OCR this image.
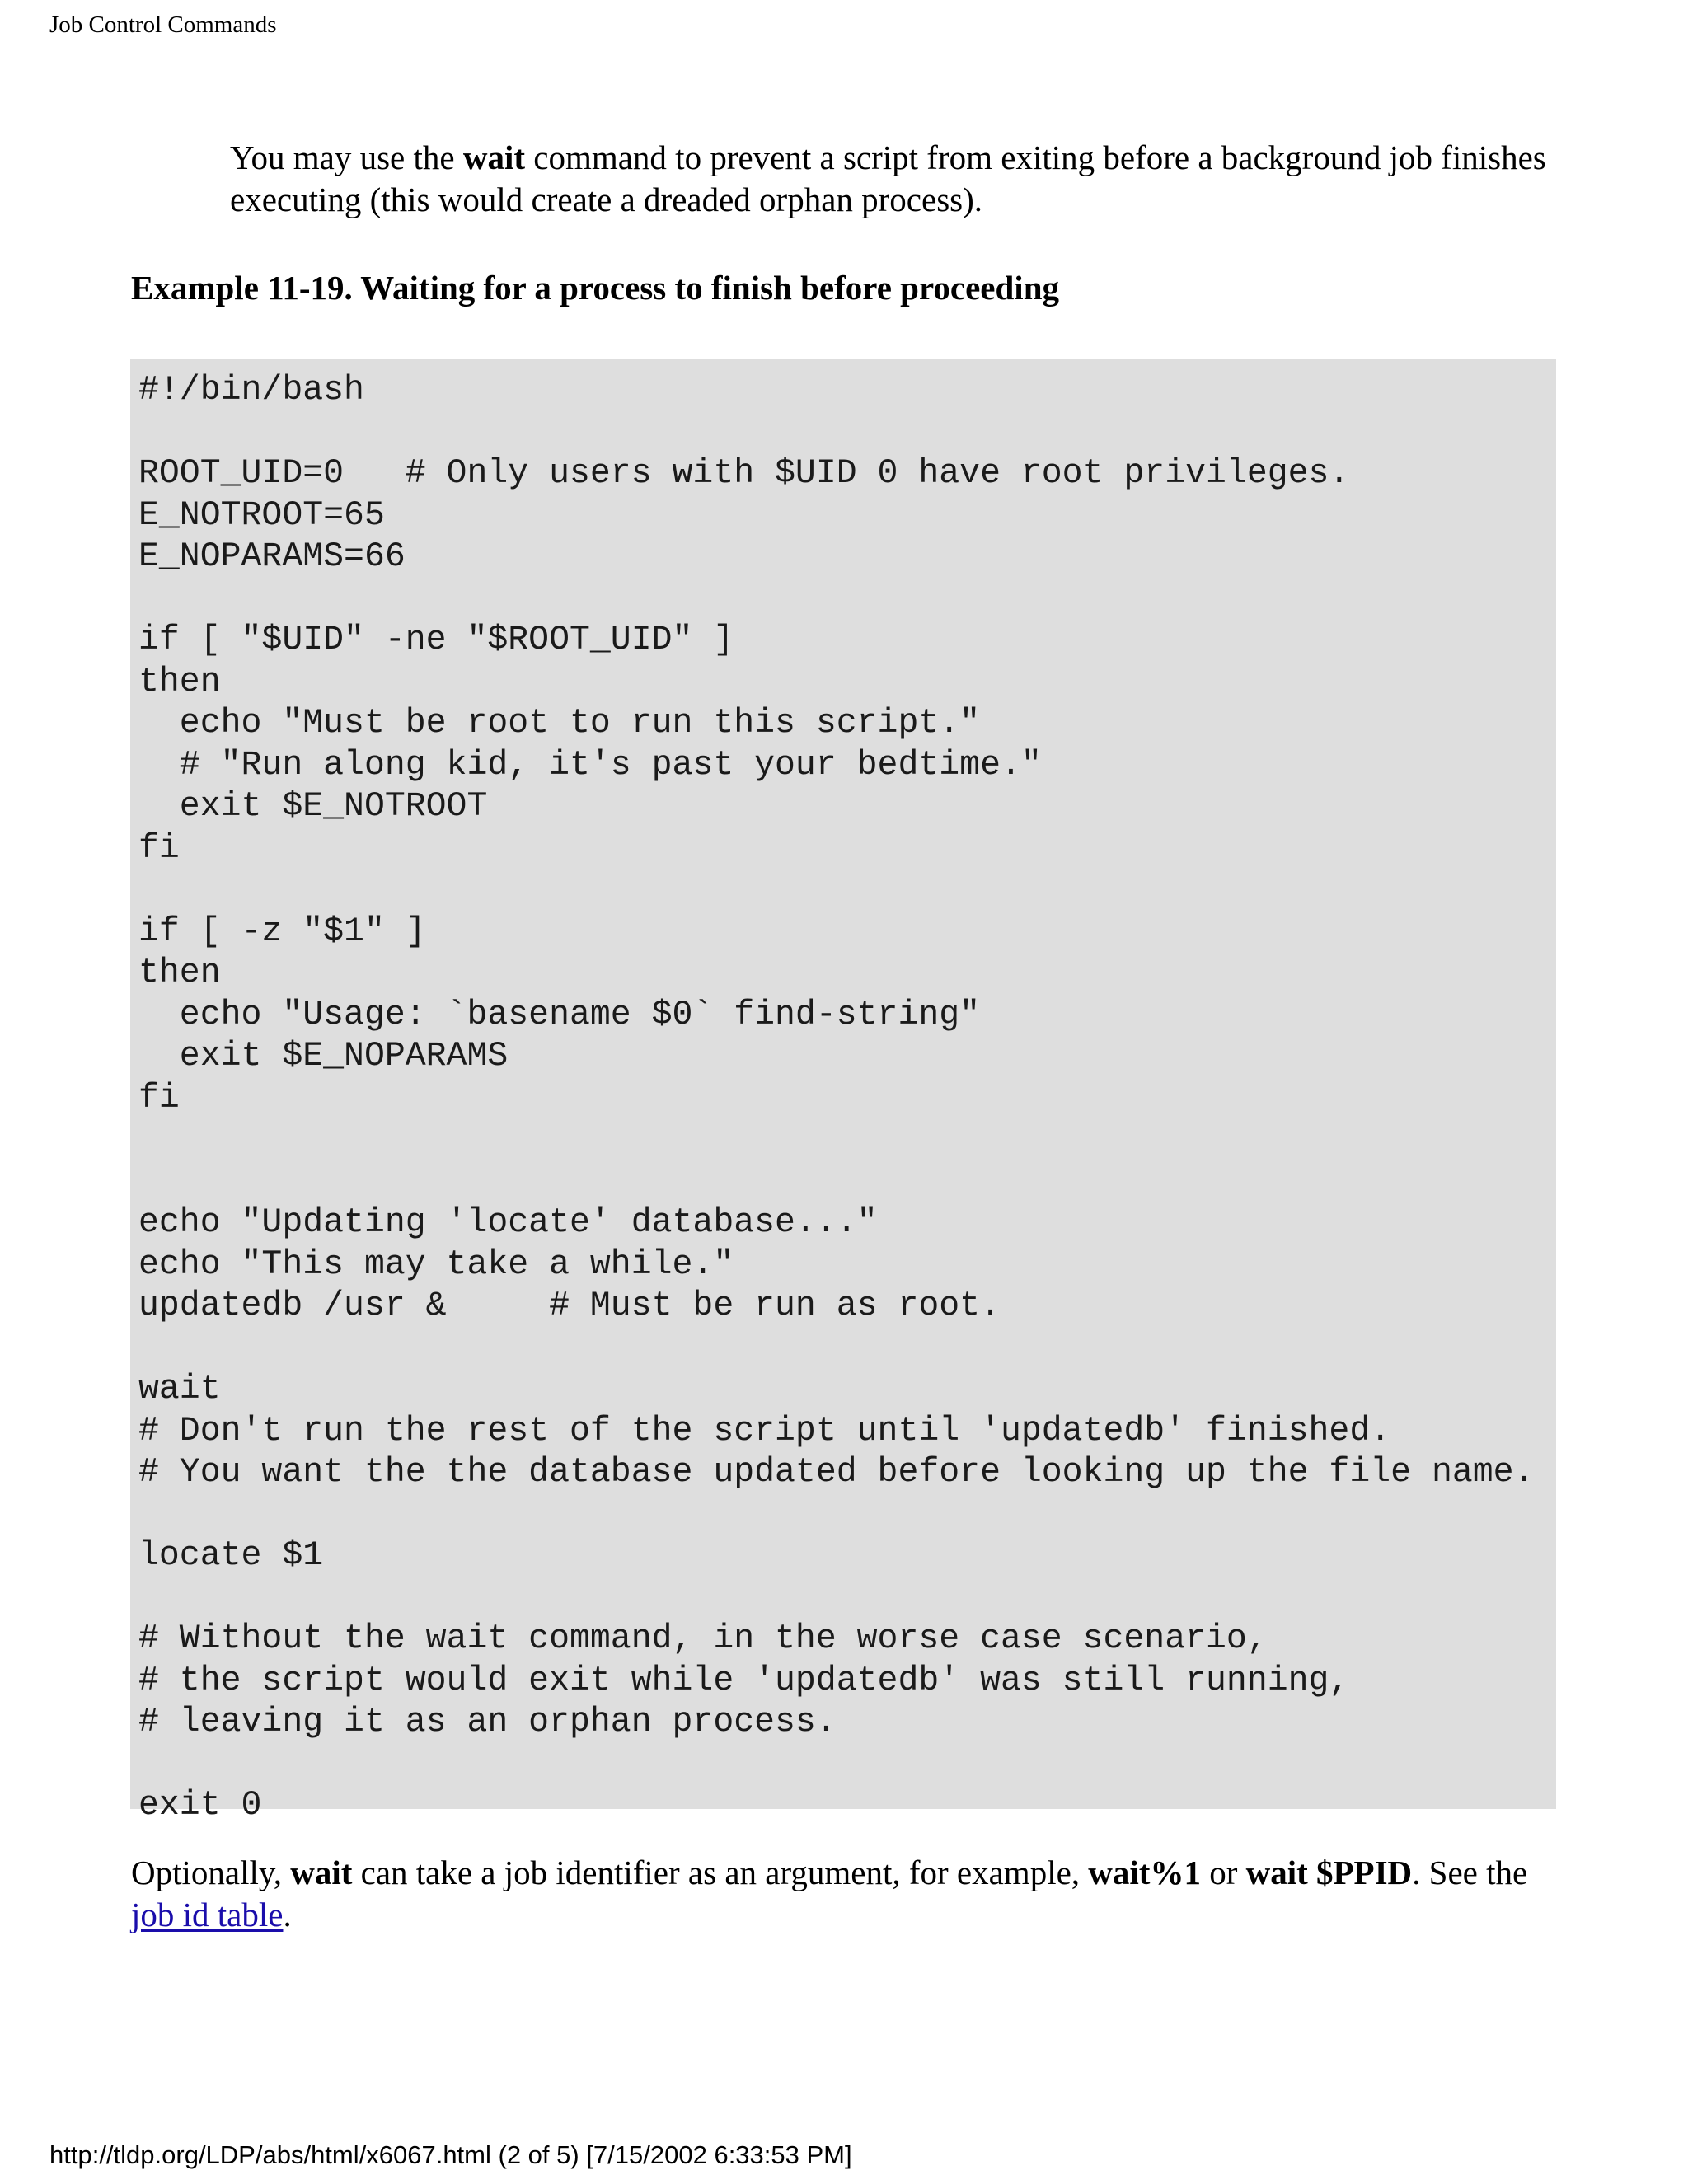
Job Control Commands

You may use the wait command to prevent a script from exiting before a background job finishes executing (this would create a dreaded orphan process).

Example 11-19. Waiting for a process to finish before proceeding
#!/bin/bash

ROOT_UID=0   # Only users with $UID 0 have root privileges.
E_NOTROOT=65
E_NOPARAMS=66

if [ "$UID" -ne "$ROOT_UID" ]
then
echo "Must be root to run this script."
# "Run along kid, it's past your bedtime."
exit $E_NOTROOT
fi

if [ -z "$1" ]
then
echo "Usage: `basename $0` find-string"
exit $E_NOPARAMS
fi

echo "Updating 'locate' database..."
echo "This may take a while."
updatedb /usr &     # Must be run as root.

wait
# Don't run the rest of the script until 'updatedb' finished.
# You want the the database updated before looking up the file name.

locate $1

# Without the wait command, in the worse case scenario,
# the script would exit while 'updatedb' was still running,
# leaving it as an orphan process.

exit 0

Optionally, wait can take a job identifier as an argument, for example, wait%1 or wait $PPID. See the job id table.

http://tldp.org/LDP/abs/html/x6067.html (2 of 5) [7/15/2002 6:33:53 PM]
